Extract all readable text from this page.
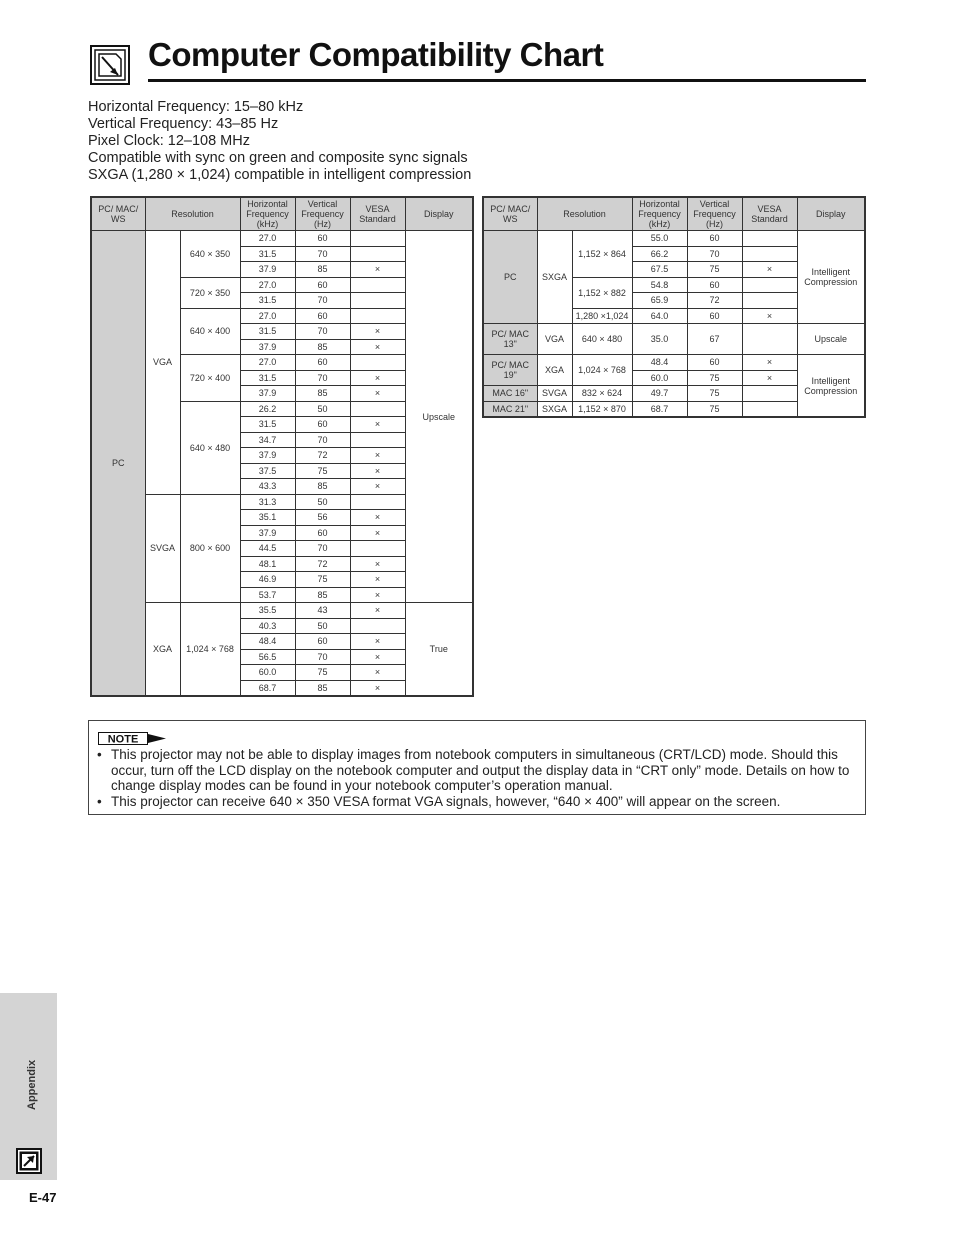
Computer Compatibility Chart
Horizontal Frequency: 15–80 kHz
Vertical Frequency: 43–85 Hz
Pixel Clock: 12–108 MHz
Compatible with sync on green and composite sync signals
SXGA (1,280 × 1,024) compatible in intelligent compression
PC/ MAC/ WS	Resolution		Horizontal Frequency (kHz)	Vertical Frequency (Hz)	VESA Standard	Display
PC	VGA	640 × 350	27.0	60		Upscale
			31.5	70		
			37.9	85	×	
		720 × 350	27.0	60		
			31.5	70		
		640 × 400	27.0	60		
			31.5	70	×	
			37.9	85	×	
		720 × 400	27.0	60		
			31.5	70	×	
			37.9	85	×	
		640 × 480	26.2	50		
			31.5	60	×	
			34.7	70		
			37.9	72	×	
			37.5	75	×	
			43.3	85	×	
	SVGA	800 × 600	31.3	50		
			35.1	56	×	
			37.9	60	×	
			44.5	70		
			48.1	72	×	
			46.9	75	×	
			53.7	85	×	
	XGA	1,024 × 768	35.5	43	×	True
			40.3	50		
			48.4	60	×	
			56.5	70	×	
			60.0	75	×	
			68.7	85	×	
PC/ MAC/ WS	Resolution		Horizontal Frequency (kHz)	Vertical Frequency (Hz)	VESA Standard	Display
PC	SXGA	1,152 × 864	55.0	60		Intelligent Compression
			66.2	70		
			67.5	75	×	
		1,152 × 882	54.8	60		
			65.9	72		
		1,280 ×1,024	64.0	60	×	
PC/ MAC 13"	VGA	640 × 480	35.0	67		Upscale
PC/ MAC 19"	XGA	1,024 × 768	48.4	60	×	Intelligent Compression
			60.0	75	×	
MAC 16"	SVGA	832 × 624	49.7	75		
MAC 21"	SXGA	1,152 × 870	68.7	75		
NOTE
• This projector may not be able to display images from notebook computers in simultaneous (CRT/LCD) mode. Should this occur, turn off the LCD display on the notebook computer and output the display data in “CRT only” mode. Details on how to change display modes can be found in your notebook computer’s operation manual.
• This projector can receive 640 × 350 VESA format VGA signals, however, “640 × 400” will appear on the screen.
Appendix
E-47
